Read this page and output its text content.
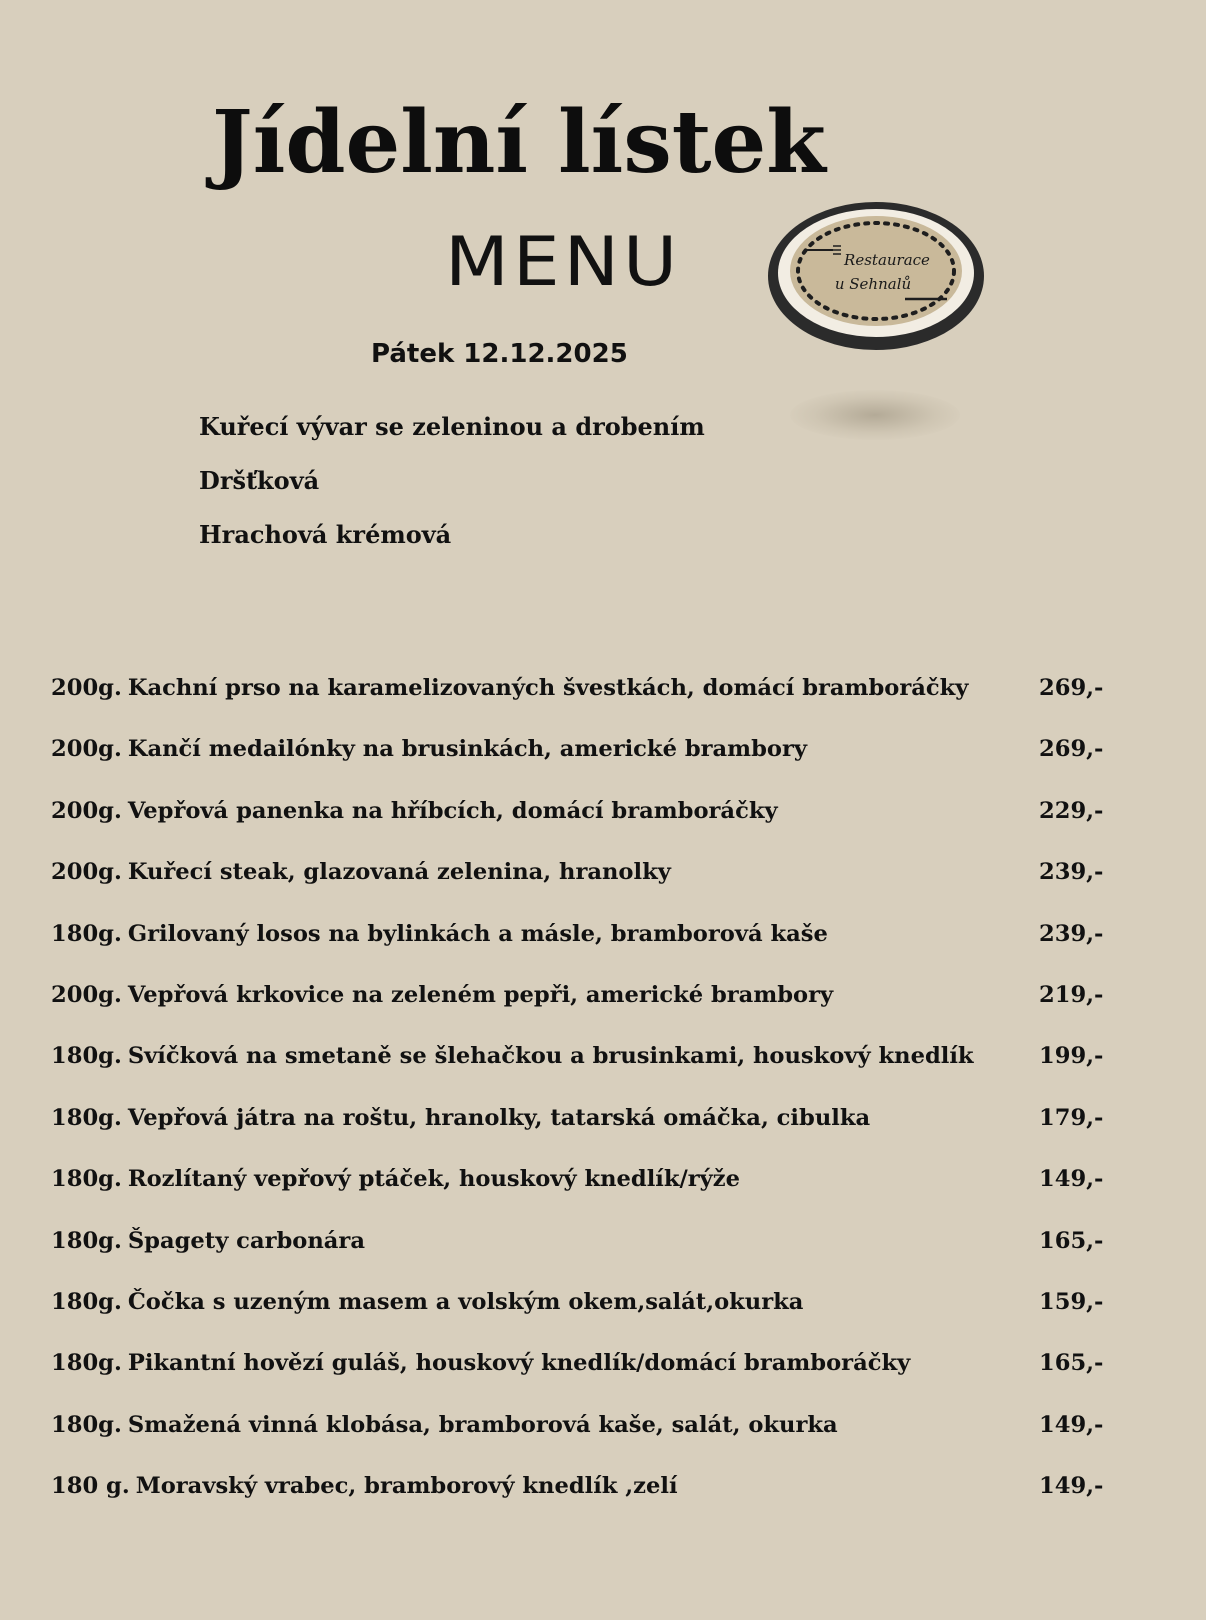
Jídelní lístek
MENU
Pátek 12.12.2025
Restaurace
u Sehnalů
Kuřecí vývar se zeleninou a drobením
Dršťková
Hrachová krémová
200g. Kachní prso na karamelizovaných švestkách, domácí bramboráčky	269,-
200g. Kančí medailónky na brusinkách, americké brambory	269,-
200g. Vepřová panenka na hříbcích, domácí bramboráčky	229,-
200g. Kuřecí steak, glazovaná zelenina, hranolky	239,-
180g. Grilovaný losos na bylinkách a másle, bramborová kaše	239,-
200g. Vepřová krkovice na zeleném pepři, americké brambory	219,-
180g. Svíčková na smetaně se šlehačkou a brusinkami, houskový knedlík	199,-
180g. Vepřová játra na roštu, hranolky, tatarská omáčka, cibulka	179,-
180g. Rozlítaný vepřový ptáček, houskový knedlík/rýže	149,-
180g. Špagety carbonára	165,-
180g. Čočka s uzeným masem a volským okem,salát,okurka	159,-
180g. Pikantní hovězí guláš, houskový knedlík/domácí bramboráčky	165,-
180g. Smažená vinná klobása, bramborová kaše, salát, okurka	149,-
180 g. Moravský vrabec, bramborový knedlík ,zelí	149,-
